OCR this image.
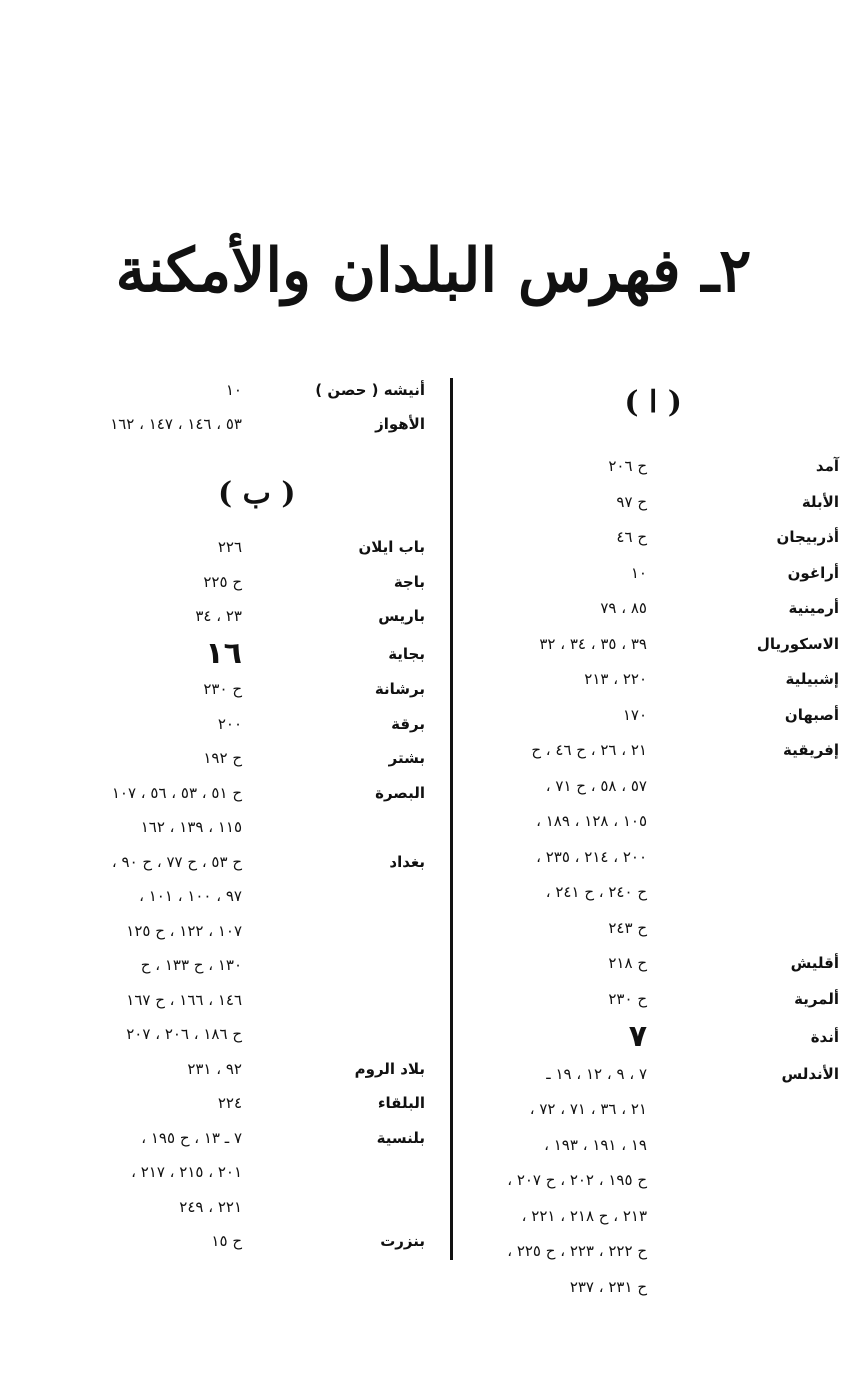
٢ـ فهرس البلدان والأمكنة
( ا )
( ب )
آمد
ح ٢٠٦
الأبلة
ح ٩٧
أذربيجان
ح ٤٦
أراغون
١٠
أرمينية
٨٥ ، ٧٩
الاسكوريال
٣٩ ، ٣٥ ، ٣٤ ، ٣٢
إشبيلية
٢٢٠ ، ٢١٣
أصبهان
١٧٠
إفريقية
٢١ ، ٢٦ ، ح ٤٦ ، ح
٥٧ ، ٥٨ ، ح ٧١ ،
١٠٥ ، ١٢٨ ، ١٨٩ ،
٢٠٠ ، ٢١٤ ، ٢٣٥ ،
ح ٢٤٠ ، ح ٢٤١ ،
ح ٢٤٣
أقليش
ح ٢١٨
ألمرية
ح ٢٣٠
أندة
٧
الأندلس
٧ ، ٩ ، ١٢ ، ١٩ ـ
٢١ ، ٣٦ ، ٧١ ، ٧٢ ،
١٩ ، ١٩١ ، ١٩٣ ،
ح ١٩٥ ، ٢٠٢ ، ح ٢٠٧ ،
٢١٣ ، ح ٢١٨ ، ٢٢١ ،
ح ٢٢٢ ، ٢٢٣ ، ح ٢٢٥ ،
ح ٢٣١ ، ٢٣٧
أنيشه ( حصن )
١٠
الأهواز
٥٣ ، ١٤٦ ، ١٤٧ ، ١٦٢
باب ايلان
٢٢٦
باجة
ح ٢٢٥
باريس
٢٣ ، ٣٤
بجاية
١٦
برشانة
ح ٢٣٠
برقة
٢٠٠
بشتر
ح ١٩٢
البصرة
ح ٥١ ، ٥٣ ، ٥٦ ، ١٠٧
١١٥ ، ١٣٩ ، ١٦٢
بغداد
ح ٥٣ ، ح ٧٧ ، ح ٩٠ ،
٩٧ ، ١٠٠ ، ١٠١ ،
١٠٧ ، ١٢٢ ، ح ١٢٥
١٣٠ ، ح ١٣٣ ، ح
١٤٦ ، ١٦٦ ، ح ١٦٧
ح ١٨٦ ، ٢٠٦ ، ٢٠٧
بلاد الروم
٩٢ ، ٢٣١
البلقاء
٢٢٤
بلنسية
٧ ـ ١٣ ، ح ١٩٥ ،
٢٠١ ، ٢١٥ ، ٢١٧ ،
٢٢١ ، ٢٤٩
بنزرت
ح ١٥
